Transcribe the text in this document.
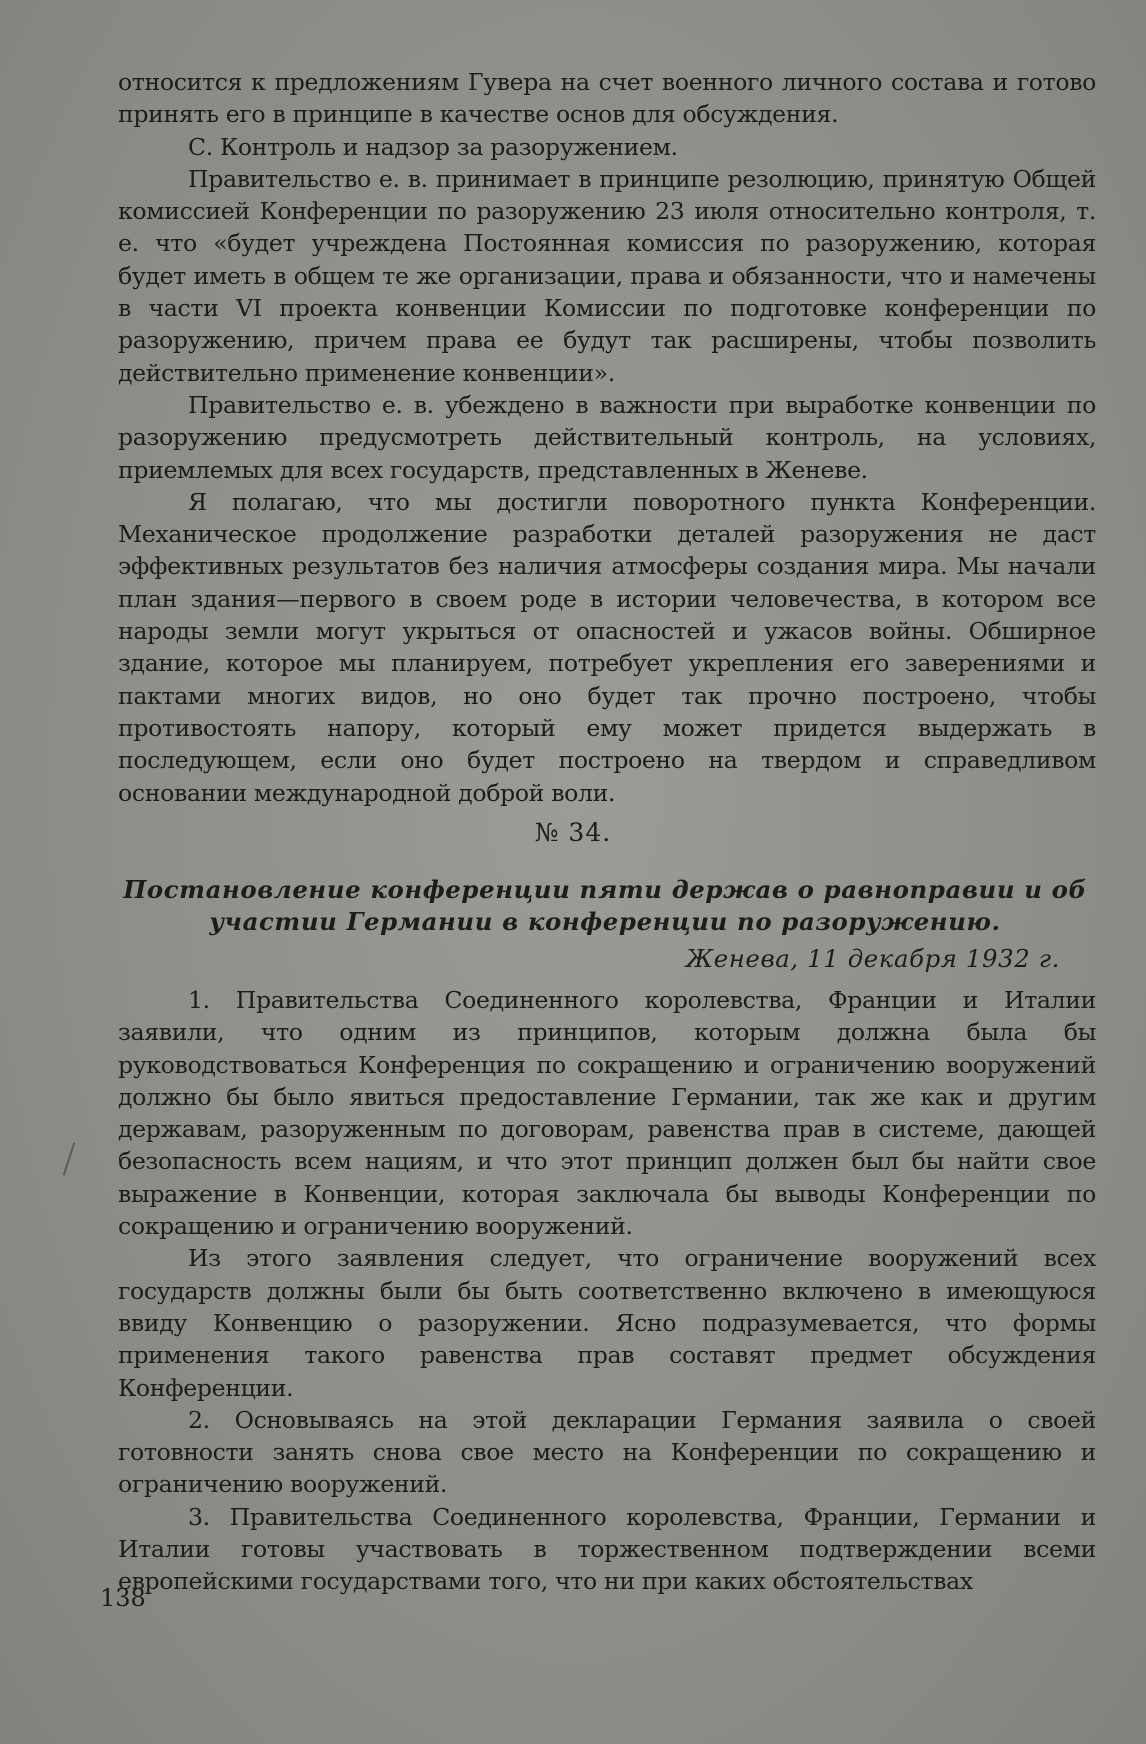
относится к предложениям Гувера на счет военного личного состава и готово принять его в принципе в качестве основ для обсуждения.

С. Контроль и надзор за разоружением.

Правительство е. в. принимает в принципе резолюцию, принятую Общей комиссией Конференции по разоружению 23 июля относительно контроля, т. е. что «будет учреждена Постоянная комиссия по разоружению, которая будет иметь в общем те же организации, права и обязанности, что и намечены в части VI проекта конвенции Комиссии по подготовке конференции по разоружению, причем права ее будут так расширены, чтобы позволить действительно применение конвенции».

Правительство е. в. убеждено в важности при выработке конвенции по разоружению предусмотреть действительный контроль, на условиях, приемлемых для всех государств, представленных в Женеве.

Я полагаю, что мы достигли поворотного пункта Конференции. Механическое продолжение разработки деталей разоружения не даст эффективных результатов без наличия атмосферы создания мира. Мы начали план здания—первого в своем роде в истории человечества, в котором все народы земли могут укрыться от опасностей и ужасов войны. Обширное здание, которое мы планируем, потребует укрепления его заверениями и пактами многих видов, но оно будет так прочно построено, чтобы противостоять напору, который ему может придется выдержать в последующем, если оно будет построено на твердом и справедливом основании международной доброй воли.

№ 34.
Постановление конференции пяти держав о равноправии и об участии Германии в конференции по разоружению.
Женева, 11 декабря 1932 г.

1. Правительства Соединенного королевства, Франции и Италии заявили, что одним из принципов, которым должна была бы руководствоваться Конференция по сокращению и ограничению вооружений должно бы было явиться предоставление Германии, так же как и другим державам, разоруженным по договорам, равенства прав в системе, дающей безопасность всем нациям, и что этот принцип должен был бы найти свое выражение в Конвенции, которая заключала бы выводы Конференции по сокращению и ограничению вооружений.

Из этого заявления следует, что ограничение вооружений всех государств должны были бы быть соответственно включено в имеющуюся ввиду Конвенцию о разоружении. Ясно подразумевается, что формы применения такого равенства прав составят предмет обсуждения Конференции.

2. Основываясь на этой декларации Германия заявила о своей готовности занять снова свое место на Конференции по сокращению и ограничению вооружений.

3. Правительства Соединенного королевства, Франции, Германии и Италии готовы участвовать в торжественном подтверждении всеми европейскими государствами того, что ни при каких обстоятельствах

138
